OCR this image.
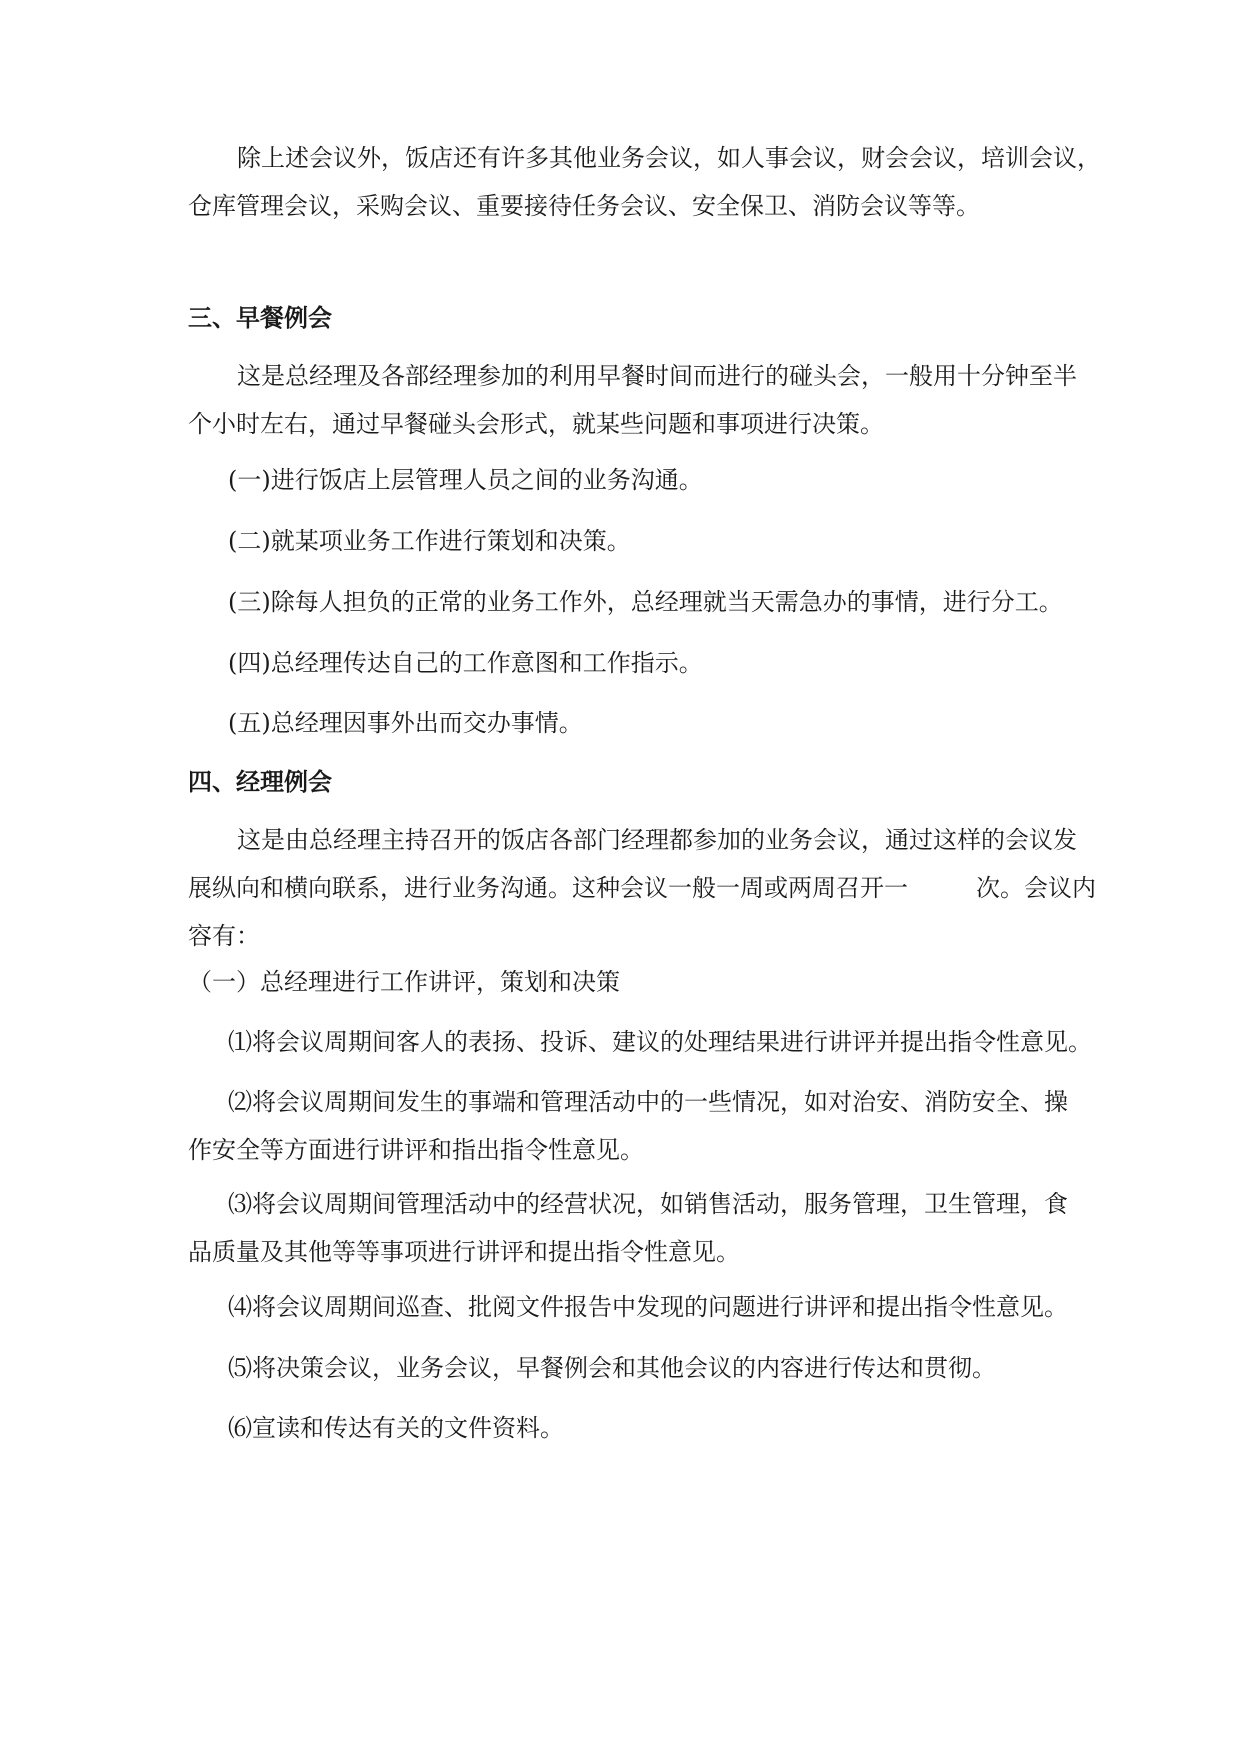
除上述会议外，饭店还有许多其他业务会议，如人事会议，财会会议，培训会议，
仓库管理会议，采购会议、重要接待任务会议、安全保卫、消防会议等等。
三、早餐例会
这是总经理及各部经理参加的利用早餐时间而进行的碰头会，一般用十分钟至半
个小时左右，通过早餐碰头会形式，就某些问题和事项进行决策。
(一)进行饭店上层管理人员之间的业务沟通。
(二)就某项业务工作进行策划和决策。
(三)除每人担负的正常的业务工作外，总经理就当天需急办的事情，进行分工。
(四)总经理传达自己的工作意图和工作指示。
(五)总经理因事外出而交办事情。
四、经理例会
这是由总经理主持召开的饭店各部门经理都参加的业务会议，通过这样的会议发
展纵向和横向联系，进行业务沟通。这种会议一般一周或两周召开一	次。会议内
容有：
（一）总经理进行工作讲评，策划和决策
⑴将会议周期间客人的表扬、投诉、建议的处理结果进行讲评并提出指令性意见。
⑵将会议周期间发生的事端和管理活动中的一些情况，如对治安、消防安全、操
作安全等方面进行讲评和指出指令性意见。
⑶将会议周期间管理活动中的经营状况，如销售活动，服务管理，卫生管理，食
品质量及其他等等事项进行讲评和提出指令性意见。
⑷将会议周期间巡查、批阅文件报告中发现的问题进行讲评和提出指令性意见。
⑸将决策会议，业务会议，早餐例会和其他会议的内容进行传达和贯彻。
⑹宣读和传达有关的文件资料。
